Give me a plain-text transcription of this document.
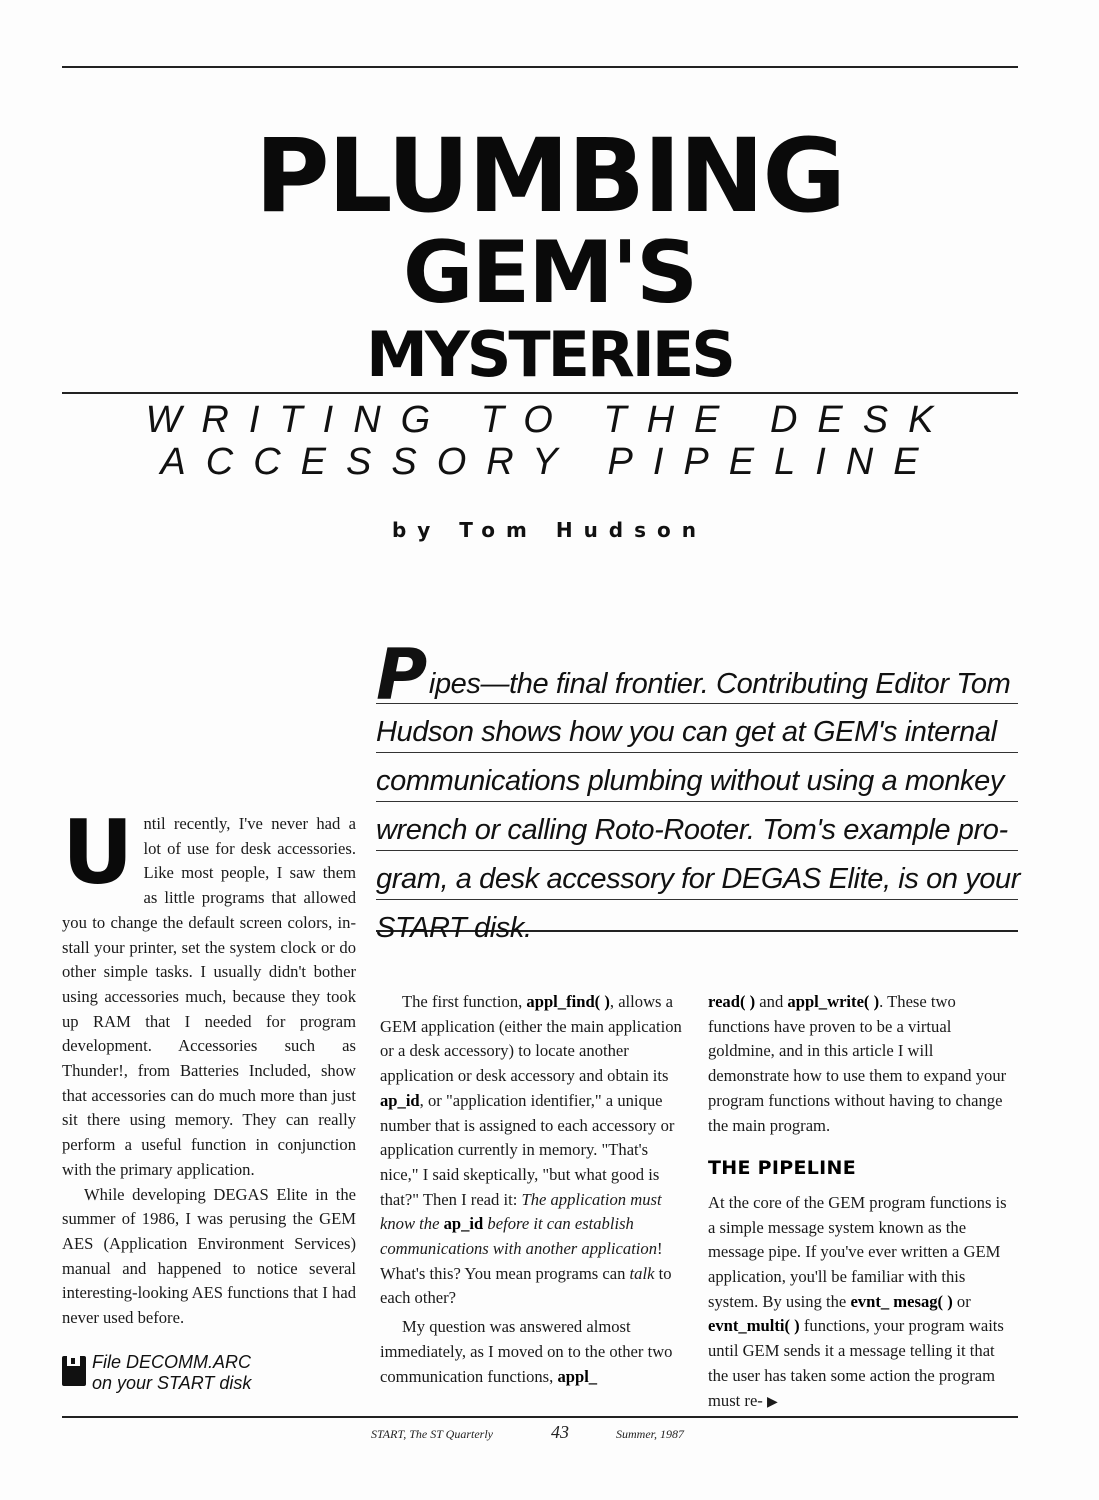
PLUMBING
GEM'S
MYSTERIES
WRITING TO THE DESK
ACCESSORY PIPELINE
by Tom Hudson
Pipes—the final frontier. Contributing Editor Tom
Hudson shows how you can get at GEM's internal
communications plumbing without using a monkey
wrench or calling Roto-Rooter. Tom's example pro-
gram, a desk accessory for DEGAS Elite, is on your
START disk.
U ntil recently, I've never had a lot of use for desk accessories. Like most people, I saw them as little programs that allowed you to change the default screen colors, install your printer, set the system clock or do other simple tasks. I usually didn't bother using accessories much, because they took up RAM that I needed for program development. Accessories such as Thunder!, from Batteries Included, show that accessories can do much more than just sit there using memory. They can really perform a useful function in conjunction with the primary application.

While developing DEGAS Elite in the summer of 1986, I was perusing the GEM AES (Application Environment Services) manual and happened to notice several interesting-looking AES functions that I had never used before.

File DECOMM.ARC
on your START disk

The first function, appl_find( ), allows a GEM application (either the main application or a desk accessory) to locate another application or desk accessory and obtain its ap_id, or "application identifier," a unique number that is assigned to each accessory or application currently in memory. "That's nice," I said skeptically, "but what good is that?" Then I read it: The application must know the ap_id before it can establish communications with another application! What's this? You mean programs can talk to each other?

My question was answered almost immediately, as I moved on to the other two communication functions, appl_

read( ) and appl_write( ). These two functions have proven to be a virtual goldmine, and in this article I will demonstrate how to use them to expand your program functions without having to change the main program.

THE PIPELINE

At the core of the GEM program functions is a simple message system known as the message pipe. If you've ever written a GEM application, you'll be familiar with this system. By using the evnt_ mesag( ) or evnt_multi( ) functions, your program waits until GEM sends it a message telling it that the user has taken some action the program must re- ▶

START, The ST Quarterly	43	Summer, 1987
